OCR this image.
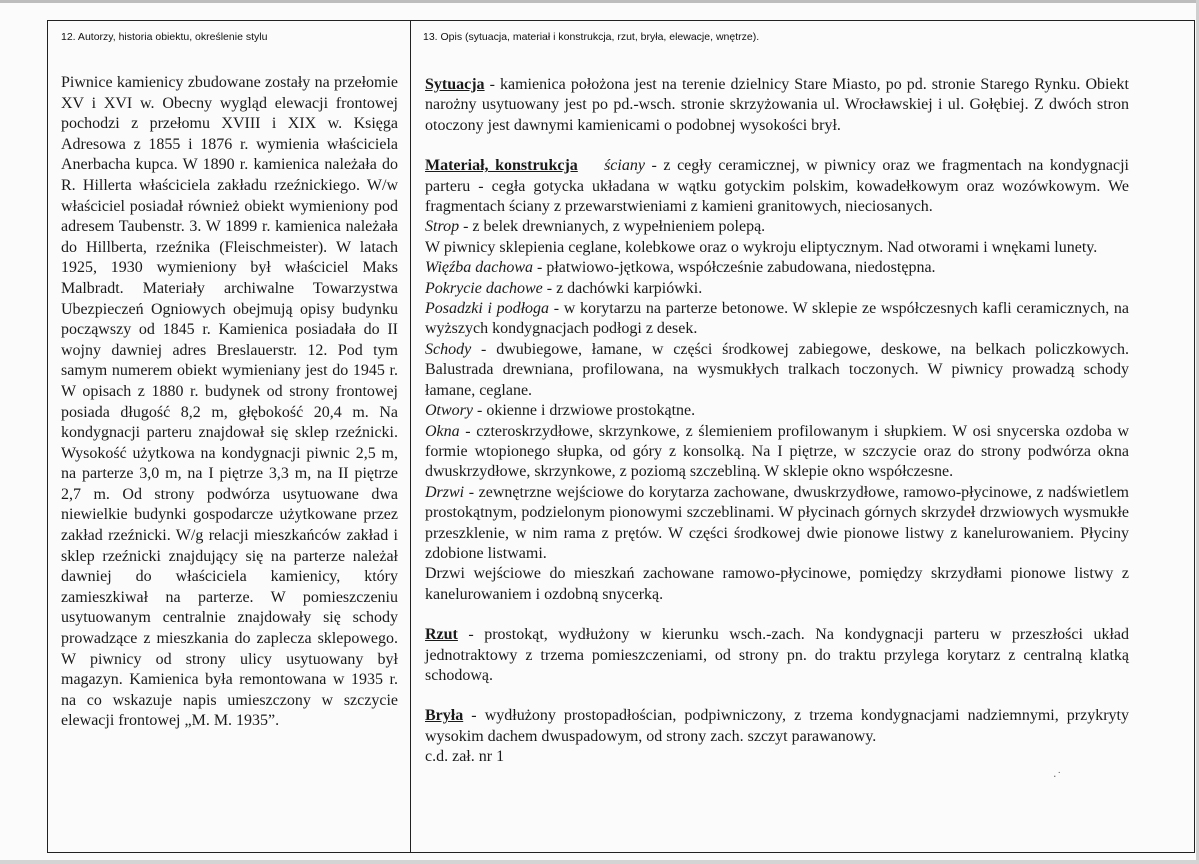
12. Autorzy, historia obiektu, określenie stylu	13. Opis (sytuacja, materiał i konstrukcja, rzut, bryła, elewacje, wnętrze).
Piwnice kamienicy zbudowane zostały na przełomie XV i XVI w. Obecny wygląd elewacji frontowej pochodzi z przełomu XVIII i XIX w. Księga Adresowa z 1855 i 1876 r. wymienia właściciela Anerbacha kupca. W 1890 r. kamienica należała do R. Hillerta właściciela zakładu rzeźnickiego. W/w właściciel posiadał również obiekt wymieniony pod adresem Taubenstr. 3. W 1899 r. kamienica należała do Hillberta, rzeźnika (Fleischmeister). W latach 1925, 1930 wymieniony był właściciel Maks Malbradt. Materiały archiwalne Towarzystwa Ubezpieczeń Ogniowych obejmują opisy budynku począwszy od 1845 r. Kamienica posiadała do II wojny dawniej adres Breslauerstr. 12. Pod tym samym numerem obiekt wymieniany jest do 1945 r. W opisach z 1880 r. budynek od strony frontowej posiada długość 8,2 m, głębokość 20,4 m. Na kondygnacji parteru znajdował się sklep rzeźnicki. Wysokość użytkowa na kondygnacji piwnic 2,5 m, na parterze 3,0 m, na I piętrze 3,3 m, na II piętrze 2,7 m. Od strony podwórza usytuowane dwa niewielkie budynki gospodarcze użytkowane przez zakład rzeźnicki. W/g relacji mieszkańców zakład i sklep rzeźnicki znajdujący się na parterze należał dawniej do właściciela kamienicy, który zamieszkiwał na parterze. W pomieszczeniu usytuowanym centralnie znajdowały się schody prowadzące z mieszkania do zaplecza sklepowego. W piwnicy od strony ulicy usytuowany był magazyn. Kamienica była remontowana w 1935 r. na co wskazuje napis umieszczony w szczycie elewacji frontowej „M. M. 1935”.

Sytuacja - kamienica położona jest na terenie dzielnicy Stare Miasto, po pd. stronie Starego Rynku. Obiekt narożny usytuowany jest po pd.-wsch. stronie skrzyżowania ul. Wrocławskiej i ul. Gołębiej. Z dwóch stron otoczony jest dawnymi kamienicami o podobnej wysokości brył.

Materiał, konstrukcja ściany - z cegły ceramicznej, w piwnicy oraz we fragmentach na kondygnacji parteru - cegła gotycka układana w wątku gotyckim polskim, kowadełkowym oraz wozówkowym. We fragmentach ściany z przewarstwieniami z kamieni granitowych, nieciosanych.

Strop - z belek drewnianych, z wypełnieniem polepą.

W piwnicy sklepienia ceglane, kolebkowe oraz o wykroju eliptycznym. Nad otworami i wnękami lunety.

Więźba dachowa - płatwiowo-jętkowa, współcześnie zabudowana, niedostępna.

Pokrycie dachowe - z dachówki karpiówki.

Posadzki i podłoga - w korytarzu na parterze betonowe. W sklepie ze współczesnych kafli ceramicznych, na wyższych kondygnacjach podłogi z desek.

Schody - dwubiegowe, łamane, w części środkowej zabiegowe, deskowe, na belkach policzkowych. Balustrada drewniana, profilowana, na wysmukłych tralkach toczonych. W piwnicy prowadzą schody łamane, ceglane.

Otwory - okienne i drzwiowe prostokątne.

Okna - czteroskrzydłowe, skrzynkowe, z ślemieniem profilowanym i słupkiem. W osi snycerska ozdoba w formie wtopionego słupka, od góry z konsolką. Na I piętrze, w szczycie oraz do strony podwórza okna dwuskrzydłowe, skrzynkowe, z poziomą szczebliną. W sklepie okno współczesne.

Drzwi - zewnętrzne wejściowe do korytarza zachowane, dwuskrzydłowe, ramowo-płycinowe, z nadświetlem prostokątnym, podzielonym pionowymi szczeblinami. W płycinach górnych skrzydeł drzwiowych wysmukłe przeszklenie, w nim rama z prętów. W części środkowej dwie pionowe listwy z kanelurowaniem. Płyciny zdobione listwami.

Drzwi wejściowe do mieszkań zachowane ramowo-płycinowe, pomiędzy skrzydłami pionowe listwy z kanelurowaniem i ozdobną snycerką.

Rzut - prostokąt, wydłużony w kierunku wsch.-zach. Na kondygnacji parteru w przeszłości układ jednotraktowy z trzema pomieszczeniami, od strony pn. do traktu przylega korytarz z centralną klatką schodową.

Bryła - wydłużony prostopadłościan, podpiwniczony, z trzema kondygnacjami nadziemnymi, przykryty wysokim dachem dwuspadowym, od strony zach. szczyt parawanowy.

c.d. zał. nr 1

·˙
